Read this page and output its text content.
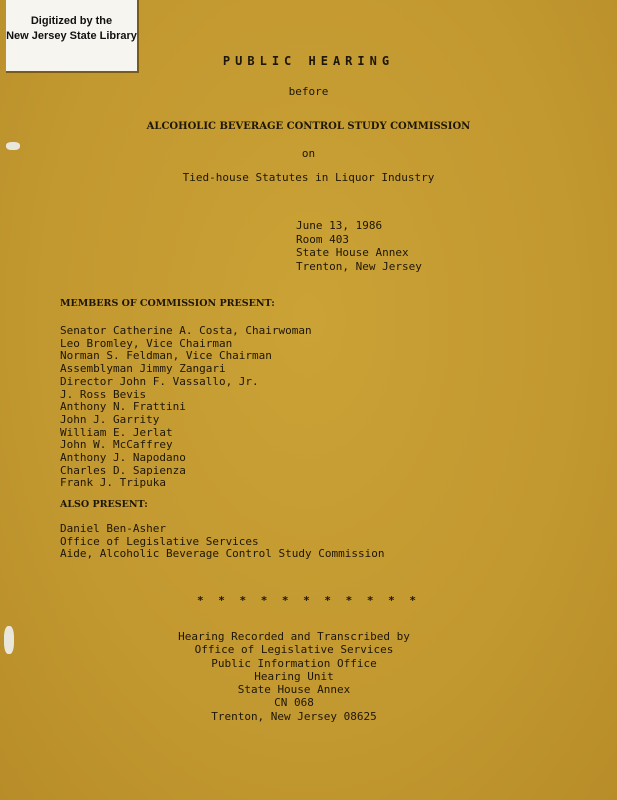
Digitized by the
New Jersey State Library
PUBLIC HEARING
before
ALCOHOLIC BEVERAGE CONTROL STUDY COMMISSION
on
Tied-house Statutes in Liquor Industry
June 13, 1986
Room 403
State House Annex
Trenton, New Jersey
MEMBERS OF COMMISSION PRESENT:
Senator Catherine A. Costa, Chairwoman
Leo Bromley, Vice Chairman
Norman S. Feldman, Vice Chairman
Assemblyman Jimmy Zangari
Director John F. Vassallo, Jr.
J. Ross Bevis
Anthony N. Frattini
John J. Garrity
William E. Jerlat
John W. McCaffrey
Anthony J. Napodano
Charles D. Sapienza
Frank J. Tripuka
ALSO PRESENT:
Daniel Ben-Asher
Office of Legislative Services
Aide, Alcoholic Beverage Control Study Commission
* * * * * * * * * * *
Hearing Recorded and Transcribed by
Office of Legislative Services
Public Information Office
Hearing Unit
State House Annex
CN 068
Trenton, New Jersey 08625
